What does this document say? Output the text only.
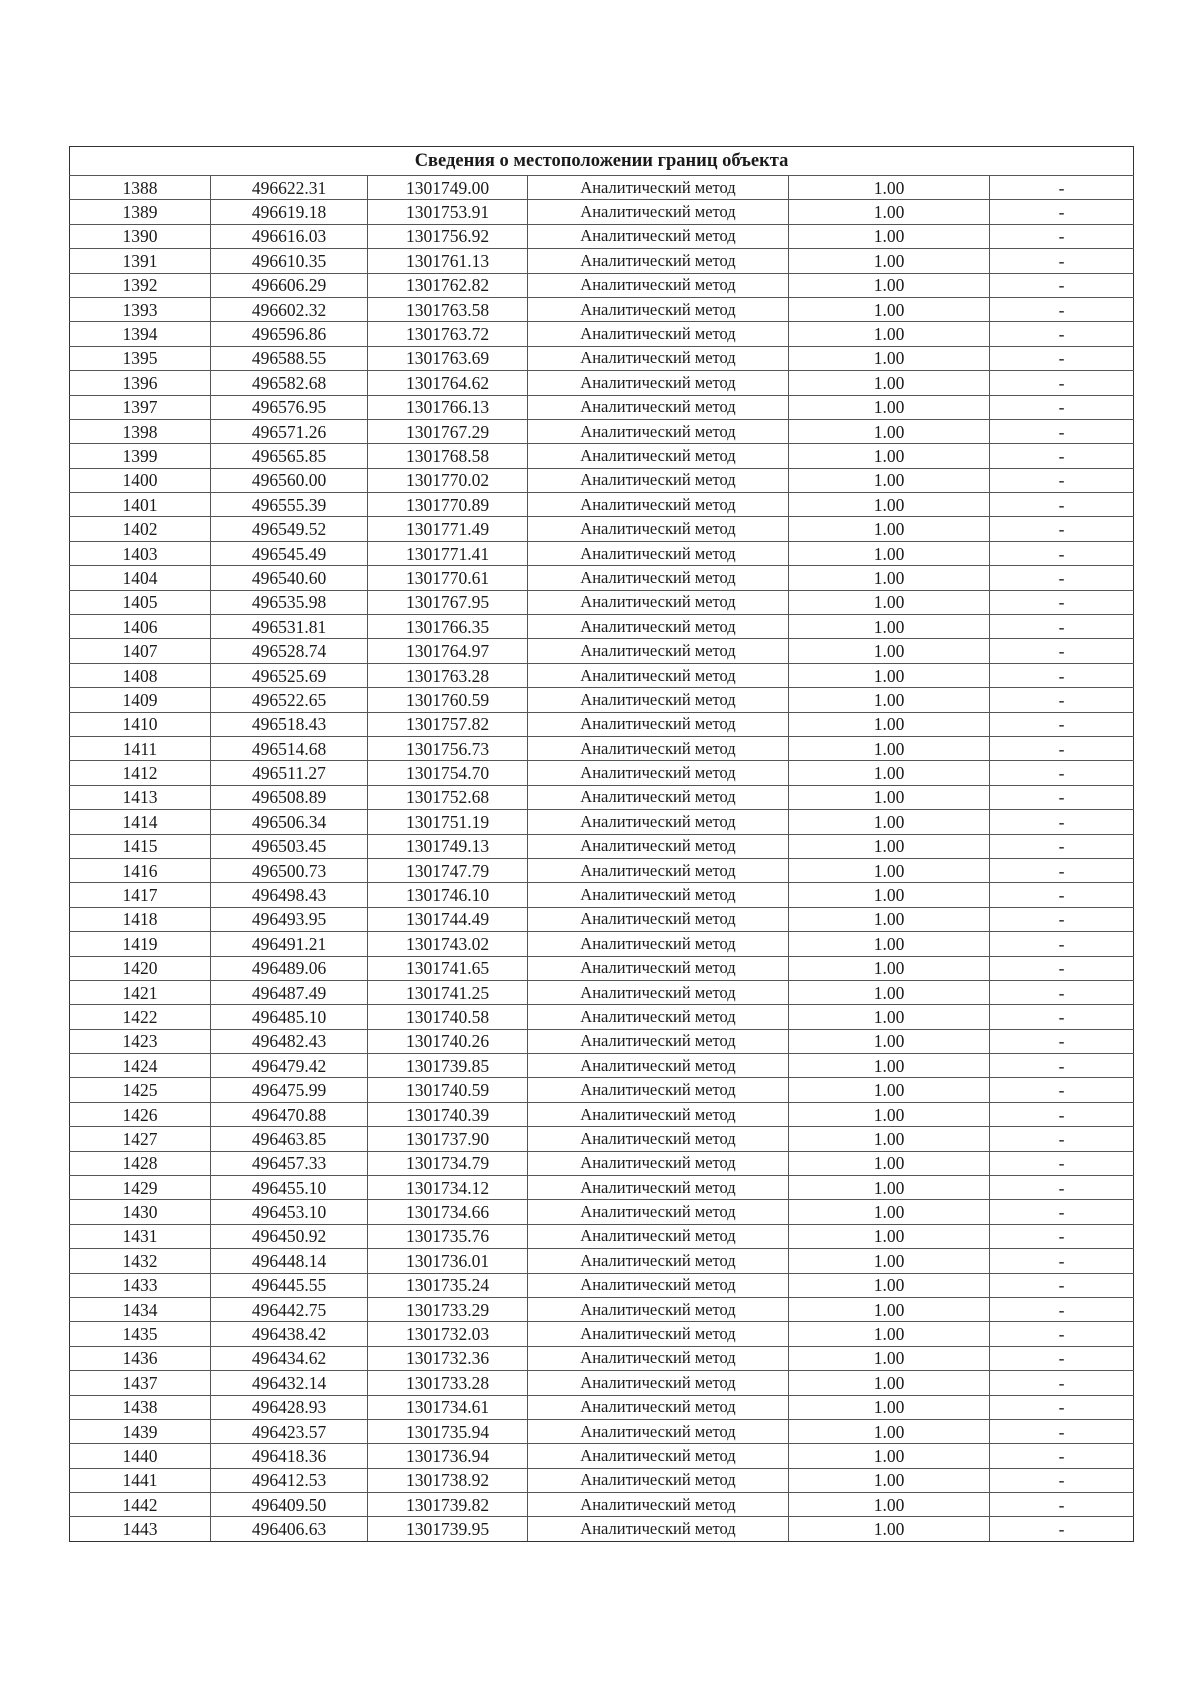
Сведения о местоположении границ объекта					
1388	496622.31	1301749.00	Аналитический метод	1.00	-
1389	496619.18	1301753.91	Аналитический метод	1.00	-
1390	496616.03	1301756.92	Аналитический метод	1.00	-
1391	496610.35	1301761.13	Аналитический метод	1.00	-
1392	496606.29	1301762.82	Аналитический метод	1.00	-
1393	496602.32	1301763.58	Аналитический метод	1.00	-
1394	496596.86	1301763.72	Аналитический метод	1.00	-
1395	496588.55	1301763.69	Аналитический метод	1.00	-
1396	496582.68	1301764.62	Аналитический метод	1.00	-
1397	496576.95	1301766.13	Аналитический метод	1.00	-
1398	496571.26	1301767.29	Аналитический метод	1.00	-
1399	496565.85	1301768.58	Аналитический метод	1.00	-
1400	496560.00	1301770.02	Аналитический метод	1.00	-
1401	496555.39	1301770.89	Аналитический метод	1.00	-
1402	496549.52	1301771.49	Аналитический метод	1.00	-
1403	496545.49	1301771.41	Аналитический метод	1.00	-
1404	496540.60	1301770.61	Аналитический метод	1.00	-
1405	496535.98	1301767.95	Аналитический метод	1.00	-
1406	496531.81	1301766.35	Аналитический метод	1.00	-
1407	496528.74	1301764.97	Аналитический метод	1.00	-
1408	496525.69	1301763.28	Аналитический метод	1.00	-
1409	496522.65	1301760.59	Аналитический метод	1.00	-
1410	496518.43	1301757.82	Аналитический метод	1.00	-
1411	496514.68	1301756.73	Аналитический метод	1.00	-
1412	496511.27	1301754.70	Аналитический метод	1.00	-
1413	496508.89	1301752.68	Аналитический метод	1.00	-
1414	496506.34	1301751.19	Аналитический метод	1.00	-
1415	496503.45	1301749.13	Аналитический метод	1.00	-
1416	496500.73	1301747.79	Аналитический метод	1.00	-
1417	496498.43	1301746.10	Аналитический метод	1.00	-
1418	496493.95	1301744.49	Аналитический метод	1.00	-
1419	496491.21	1301743.02	Аналитический метод	1.00	-
1420	496489.06	1301741.65	Аналитический метод	1.00	-
1421	496487.49	1301741.25	Аналитический метод	1.00	-
1422	496485.10	1301740.58	Аналитический метод	1.00	-
1423	496482.43	1301740.26	Аналитический метод	1.00	-
1424	496479.42	1301739.85	Аналитический метод	1.00	-
1425	496475.99	1301740.59	Аналитический метод	1.00	-
1426	496470.88	1301740.39	Аналитический метод	1.00	-
1427	496463.85	1301737.90	Аналитический метод	1.00	-
1428	496457.33	1301734.79	Аналитический метод	1.00	-
1429	496455.10	1301734.12	Аналитический метод	1.00	-
1430	496453.10	1301734.66	Аналитический метод	1.00	-
1431	496450.92	1301735.76	Аналитический метод	1.00	-
1432	496448.14	1301736.01	Аналитический метод	1.00	-
1433	496445.55	1301735.24	Аналитический метод	1.00	-
1434	496442.75	1301733.29	Аналитический метод	1.00	-
1435	496438.42	1301732.03	Аналитический метод	1.00	-
1436	496434.62	1301732.36	Аналитический метод	1.00	-
1437	496432.14	1301733.28	Аналитический метод	1.00	-
1438	496428.93	1301734.61	Аналитический метод	1.00	-
1439	496423.57	1301735.94	Аналитический метод	1.00	-
1440	496418.36	1301736.94	Аналитический метод	1.00	-
1441	496412.53	1301738.92	Аналитический метод	1.00	-
1442	496409.50	1301739.82	Аналитический метод	1.00	-
1443	496406.63	1301739.95	Аналитический метод	1.00	-
